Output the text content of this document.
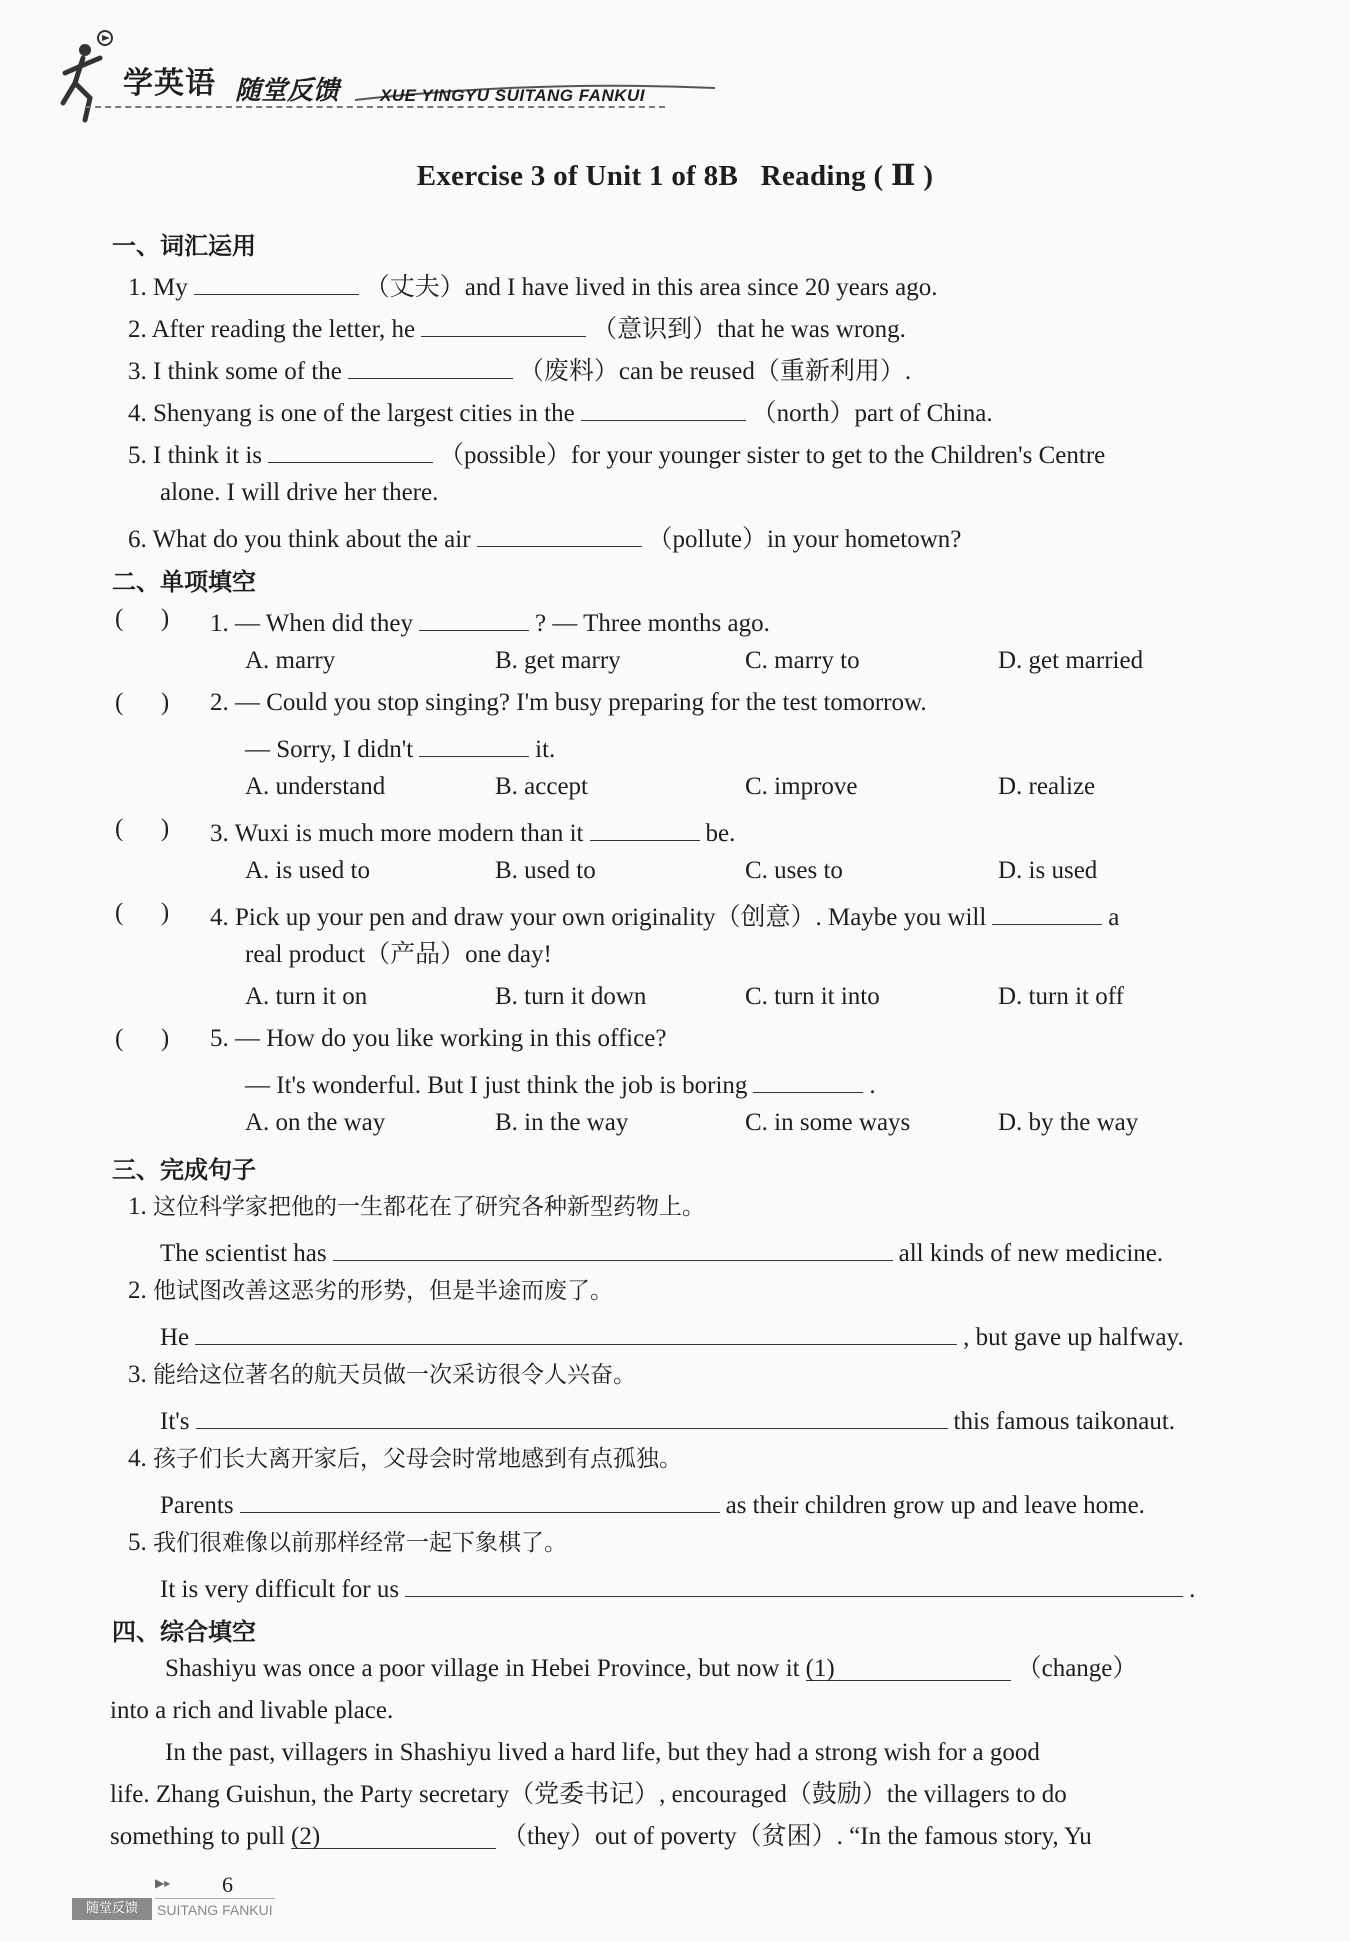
学英语 随堂反馈 XUE YINGYU SUITANG FANKUI
Exercise 3 of Unit 1 of 8B   Reading ( Ⅱ )
一、词汇运用
1. My	（丈夫）and I have lived in this area since 20 years ago.
2. After reading the letter, he	（意识到）that he was wrong.
3. I think some of the	（废料）can be reused（重新利用）.
4. Shenyang is one of the largest cities in the	（north）part of China.
5. I think it is	（possible）for your younger sister to get to the Children's Centre
alone. I will drive her there.
6. What do you think about the air	（pollute）in your hometown?
二、单项填空
(      ) 1. — When did they	? — Three months ago.
A. marry	B. get marry	C. marry to	D. get married
(      ) 2. — Could you stop singing? I'm busy preparing for the test tomorrow.
— Sorry, I didn't	it.
A. understand	B. accept	C. improve	D. realize
(      ) 3. Wuxi is much more modern than it	be.
A. is used to	B. used to	C. uses to	D. is used
(      ) 4. Pick up your pen and draw your own originality（创意）. Maybe you will	a
real product（产品）one day!
A. turn it on	B. turn it down	C. turn it into	D. turn it off
(      ) 5. — How do you like working in this office?
— It's wonderful. But I just think the job is boring	.
A. on the way	B. in the way	C. in some ways	D. by the way
三、完成句子
1. 这位科学家把他的一生都花在了研究各种新型药物上。
The scientist has	all kinds of new medicine.
2. 他试图改善这恶劣的形势，但是半途而废了。
He	, but gave up halfway.
3. 能给这位著名的航天员做一次采访很令人兴奋。
It's	this famous taikonaut.
4. 孩子们长大离开家后，父母会时常地感到有点孤独。
Parents	as their children grow up and leave home.
5. 我们很难像以前那样经常一起下象棋了。
It is very difficult for us	.
四、综合填空
Shashiyu was once a poor village in Hebei Province, but now it (1)	（change）
into a rich and livable place.
In the past, villagers in Shashiyu lived a hard life, but they had a strong wish for a good
life. Zhang Guishun, the Party secretary（党委书记）, encouraged（鼓励）the villagers to do
something to pull (2)	（they）out of poverty（贫困）. “In the famous story, Yu
▶▸ 6
随堂反馈	SUITANG FANKUI
